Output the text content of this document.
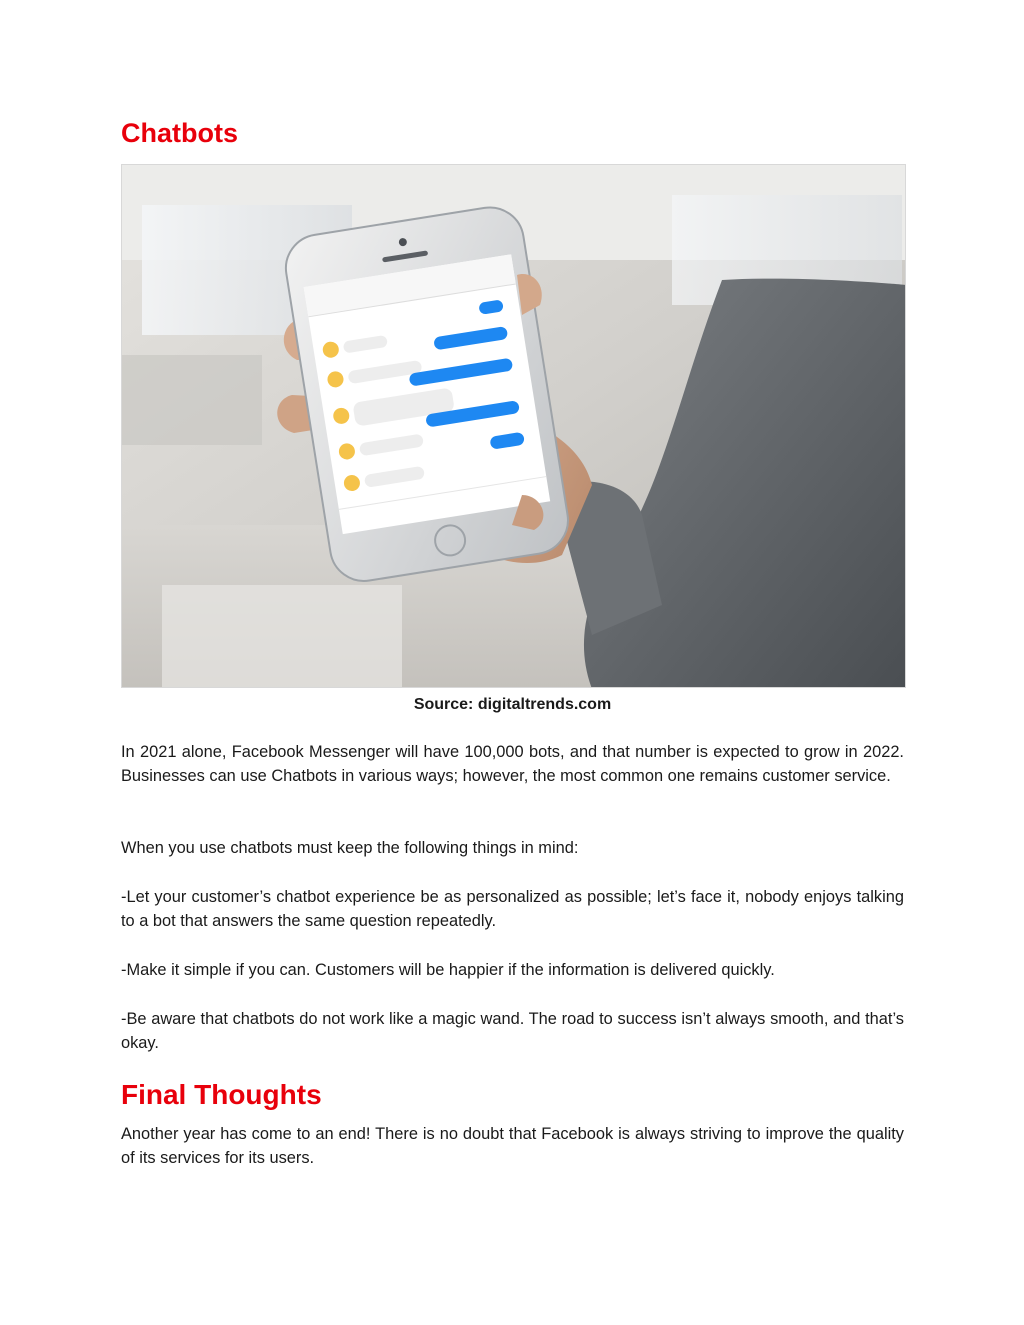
Chatbots
Source: digitaltrends.com

In 2021 alone, Facebook Messenger will have 100,000 bots, and that number is expected to grow in 2022. Businesses can use Chatbots in various ways; however, the most common one remains customer service.

When you use chatbots must keep the following things in mind:

-Let your customer’s chatbot experience be as personalized as possible; let’s face it, nobody enjoys talking to a bot that answers the same question repeatedly.

-Make it simple if you can. Customers will be happier if the information is delivered quickly.

-Be aware that chatbots do not work like a magic wand. The road to success isn’t always smooth, and that’s okay.

Final Thoughts

Another year has come to an end! There is no doubt that Facebook is always striving to improve the quality of its services for its users.
